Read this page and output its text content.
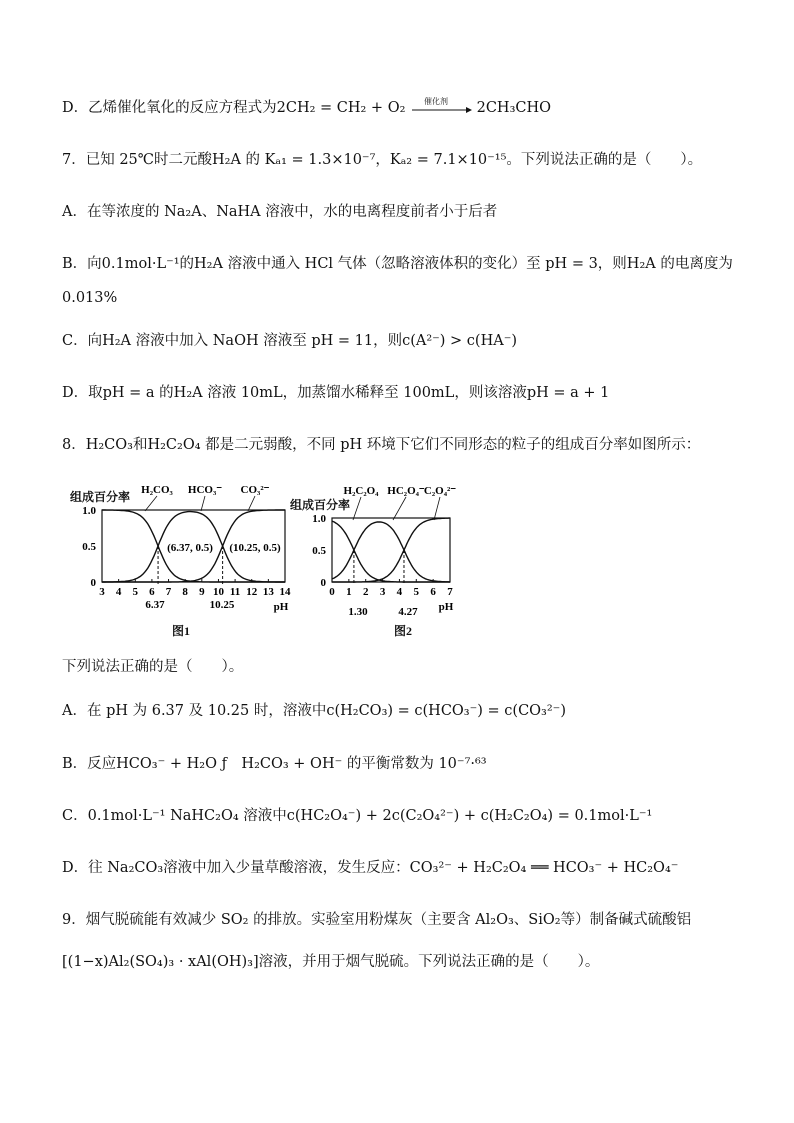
D．乙烯催化氧化的反应方程式为2CH₂ = CH₂ + O₂ 催化剂 2CH₃CHO
7．已知 25℃时二元酸H₂A 的 Kₐ₁ = 1.3×10⁻⁷，Kₐ₂ = 7.1×10⁻¹⁵。下列说法正确的是（　　）。
A．在等浓度的 Na₂A、NaHA 溶液中，水的电离程度前者小于后者
B．向0.1mol·L⁻¹的H₂A 溶液中通入 HCl 气体（忽略溶液体积的变化）至 pH = 3，则H₂A 的电离度为
0.013%
C．向H₂A 溶液中加入 NaOH 溶液至 pH = 11，则c(A²⁻) > c(HA⁻)
D．取pH = a 的H₂A 溶液 10mL，加蒸馏水稀释至 100mL，则该溶液pH = a + 1
8．H₂CO₃和H₂C₂O₄ 都是二元弱酸，不同 pH 环境下它们不同形态的粒子的组成百分率如图所示：
0
0.5
1.0
3 4 5 6 7 8 9 10 11 12 13 14
pH
H₂CO₃ HCO₃⁻ CO₃²⁻
(6.37, 0.5) (10.25, 0.5)
6.37	10.25
组成百分率
图1
0
0.5
1.0
0 1 2 3 4 5 6 7
pH
H₂C₂O₄ HC₂O₄⁻ C₂O₄²⁻
1.30	4.27
组成百分率
图2
下列说法正确的是（　　）。
A．在 pH 为 6.37 及 10.25 时，溶液中c(H₂CO₃) = c(HCO₃⁻) = c(CO₃²⁻)
B．反应HCO₃⁻ + H₂O ƒ　H₂CO₃ + OH⁻ 的平衡常数为 10⁻⁷·⁶³
C．0.1mol·L⁻¹ NaHC₂O₄ 溶液中c(HC₂O₄⁻) + 2c(C₂O₄²⁻) + c(H₂C₂O₄) = 0.1mol·L⁻¹
D．往 Na₂CO₃溶液中加入少量草酸溶液，发生反应：CO₃²⁻ + H₂C₂O₄ ══ HCO₃⁻ + HC₂O₄⁻
9．烟气脱硫能有效减少 SO₂ 的排放。实验室用粉煤灰（主要含 Al₂O₃、SiO₂等）制备碱式硫酸铝
[(1−x)Al₂(SO₄)₃ · xAl(OH)₃]溶液，并用于烟气脱硫。下列说法正确的是（　　）。
